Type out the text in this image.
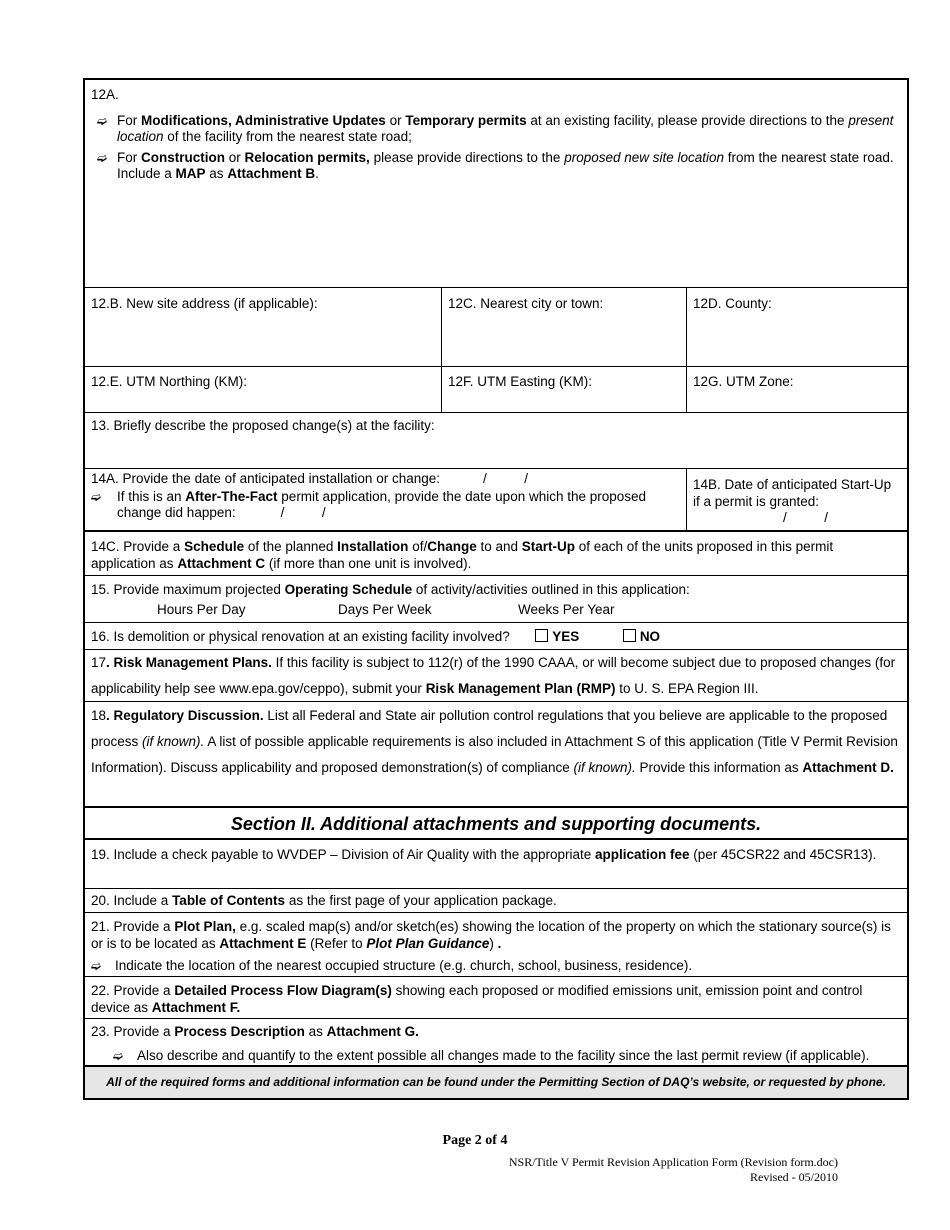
12A.
➫ For Modifications, Administrative Updates or Temporary permits at an existing facility, please provide directions to the present location of the facility from the nearest state road;
➫ For Construction or Relocation permits, please provide directions to the proposed new site location from the nearest state road. Include a MAP as Attachment B.
12.B. New site address (if applicable):	12C. Nearest city or town:	12D. County:
12.E. UTM Northing (KM):	12F. UTM Easting (KM):	12G. UTM Zone:
13. Briefly describe the proposed change(s) at the facility:
14A. Provide the date of anticipated installation or change:	/          /
➫	If this is an After-The-Fact permit application, provide the date upon which the proposed change did happen:	/          /
14B. Date of anticipated Start-Up if a permit is granted:
/          /
14C. Provide a Schedule of the planned Installation of/Change to and Start-Up of each of the units proposed in this permit application as Attachment C (if more than one unit is involved).
15. Provide maximum projected Operating Schedule of activity/activities outlined in this application:
Hours Per Day	Days Per Week	Weeks Per Year
16. Is demolition or physical renovation at an existing facility involved?	YES	NO
17. Risk Management Plans. If this facility is subject to 112(r) of the 1990 CAAA, or will become subject due to proposed changes (for applicability help see www.epa.gov/ceppo), submit your Risk Management Plan (RMP) to U. S. EPA Region III.
18. Regulatory Discussion. List all Federal and State air pollution control regulations that you believe are applicable to the proposed process (if known). A list of possible applicable requirements is also included in Attachment S of this application (Title V Permit Revision Information). Discuss applicability and proposed demonstration(s) of compliance (if known). Provide this information as Attachment D.
Section II. Additional attachments and supporting documents.
19. Include a check payable to WVDEP – Division of Air Quality with the appropriate application fee (per 45CSR22 and 45CSR13).
20. Include a Table of Contents as the first page of your application package.
21. Provide a Plot Plan, e.g. scaled map(s) and/or sketch(es) showing the location of the property on which the stationary source(s) is or is to be located as Attachment E (Refer to Plot Plan Guidance) .
➫	Indicate the location of the nearest occupied structure (e.g. church, school, business, residence).
22. Provide a Detailed Process Flow Diagram(s) showing each proposed or modified emissions unit, emission point and control device as Attachment F.
23. Provide a Process Description as Attachment G.
➫	Also describe and quantify to the extent possible all changes made to the facility since the last permit review (if applicable).
All of the required forms and additional information can be found under the Permitting Section of DAQ’s website, or requested by phone.
Page 2 of 4
NSR/Title V Permit Revision Application Form (Revision form.doc)
Revised - 05/2010
